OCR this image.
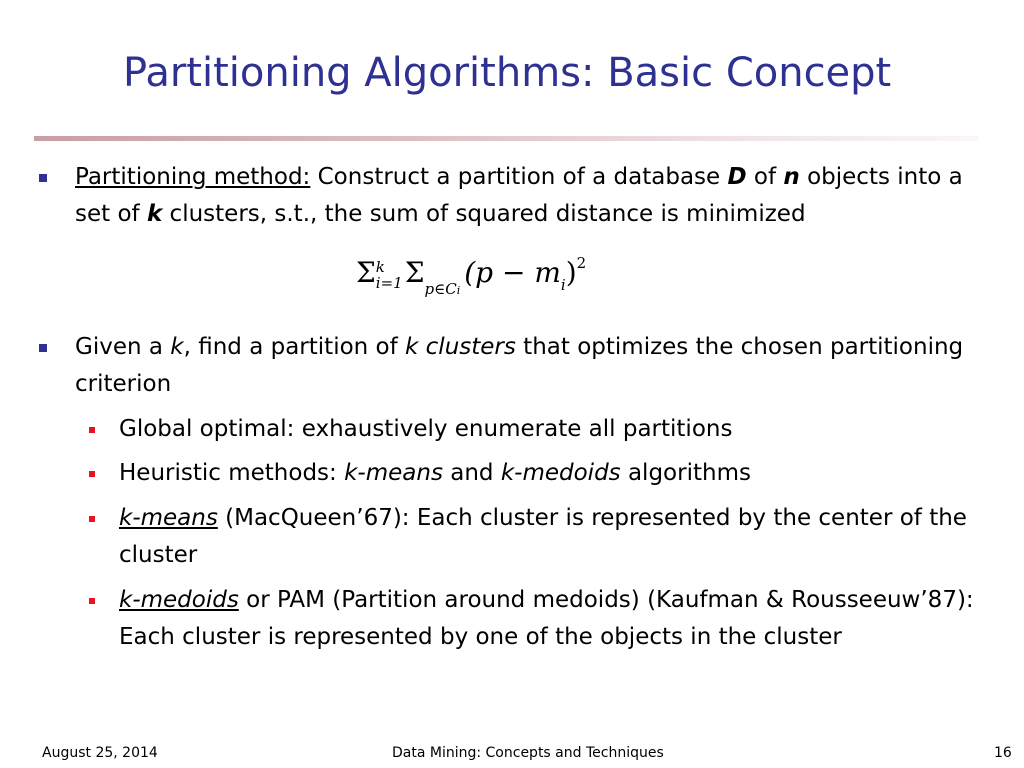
Partitioning Algorithms: Basic Concept
Partitioning method: Construct a partition of a database D of n objects into a set of k clusters, s.t., the sum of squared distance is minimized
Σ k
i=1 $\Sigma_{p\in Ci}(p - m_i)^2$
Given a k, find a partition of k clusters that optimizes the chosen partitioning criterion
Global optimal: exhaustively enumerate all partitions
Heuristic methods: k-means and k-medoids algorithms
k-means (MacQueen’67): Each cluster is represented by the center of the cluster
k-medoids or PAM (Partition around medoids) (Kaufman & Rousseeuw’87): Each cluster is represented by one of the objects in the cluster
August 25, 2014	Data Mining: Concepts and Techniques	16
